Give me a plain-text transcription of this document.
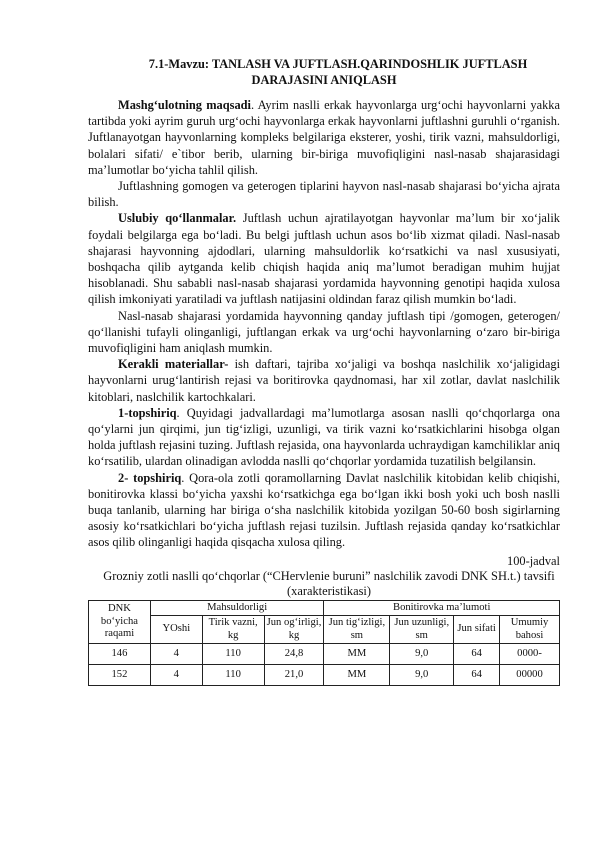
7.1-Mavzu: TANLASH VA JUFTLASH.QARINDOSHLIK JUFTLASH DARAJASINI ANIQLASH

Mashg‘ulotning maqsadi. Ayrim naslli erkak hayvonlarga urg‘ochi hayvonlarni yakka tartibda yoki ayrim guruh urg‘ochi hayvonlarga erkak hayvonlarni juftlashni guruhli o‘rganish. Juftlanayotgan hayvonlarning kompleks belgilariga eksterer, yoshi, tirik vazni, mahsuldorligi, bolalari sifati/ e`tibor berib, ularning bir-biriga muvofiqligini nasl-nasab shajarasidagi ma’lumotlar bo‘yicha tahlil qilish.

Juftlashning gomogen va geterogen tiplarini hayvon nasl-nasab shajarasi bo‘yicha ajrata bilish.

Uslubiy qo‘llanmalar. Juftlash uchun ajratilayotgan hayvonlar ma’lum bir xo‘jalik foydali belgilarga ega bo‘ladi. Bu belgi juftlash uchun asos bo‘lib xizmat qiladi. Nasl-nasab shajarasi hayvonning ajdodlari, ularning mahsuldorlik ko‘rsatkichi va nasl xususiyati, boshqacha qilib aytganda kelib chiqish haqida aniq ma’lumot beradigan muhim hujjat hisoblanadi. Shu sababli nasl-nasab shajarasi yordamida hayvonning genotipi haqida xulosa qilish imkoniyati yaratiladi va juftlash natijasini oldindan faraz qilish mumkin bo‘ladi.

Nasl-nasab shajarasi yordamida hayvonning qanday juftlash tipi /gomogen, geterogen/ qo‘llanishi tufayli olinganligi, juftlangan erkak va urg‘ochi hayvonlarning o‘zaro bir-biriga muvofiqligini ham aniqlash mumkin.

Kerakli materiallar- ish daftari, tajriba xo‘jaligi va boshqa naslchilik xo‘jaligidagi hayvonlarni urug‘lantirish rejasi va boritirovka qaydnomasi, har xil zotlar, davlat naslchilik kitoblari, naslchilik kartochkalari.

1-topshiriq. Quyidagi jadvallardagi ma’lumotlarga asosan naslli qo‘chqorlarga ona qo‘ylarni jun qirqimi, jun tig‘izligi, uzunligi, va tirik vazni ko‘rsatkichlarini hisobga olgan holda juftlash rejasini tuzing. Juftlash rejasida, ona hayvonlarda uchraydigan kamchiliklar aniq ko‘rsatilib, ulardan olinadigan avlodda naslli qo‘chqorlar yordamida tuzatilish belgilansin.

2- topshiriq. Qora-ola zotli qoramollarning Davlat naslchilik kitobidan kelib chiqishi, bonitirovka klassi bo‘yicha yaxshi ko‘rsatkichga ega bo‘lgan ikki bosh yoki uch bosh naslli buqa tanlanib, ularning har biriga o‘sha naslchilik kitobida yozilgan 50-60 bosh sigirlarning asosiy ko‘rsatkichlari bo‘yicha juftlash rejasi tuzilsin. Juftlash rejasida qanday ko‘rsatkichlar asos qilib olinganligi haqida qisqacha xulosa qiling.

100-jadval
Grozniy zotli naslli qo‘chqorlar (“CHervlenie buruni” naslchilik zavodi DNK SH.t.) tavsifi (xarakteristikasi)
DNK bo‘yicha raqami	Mahsuldorligi			Bonitirovka ma’lumoti			
	YOshi	Tirik vazni, kg	Jun og‘irligi, kg	Jun tig‘izligi, sm	Jun uzunligi, sm	Jun sifati	Umumiy bahosi
146	4	110	24,8	MM	9,0	64	0000-
152	4	110	21,0	MM	9,0	64	00000
